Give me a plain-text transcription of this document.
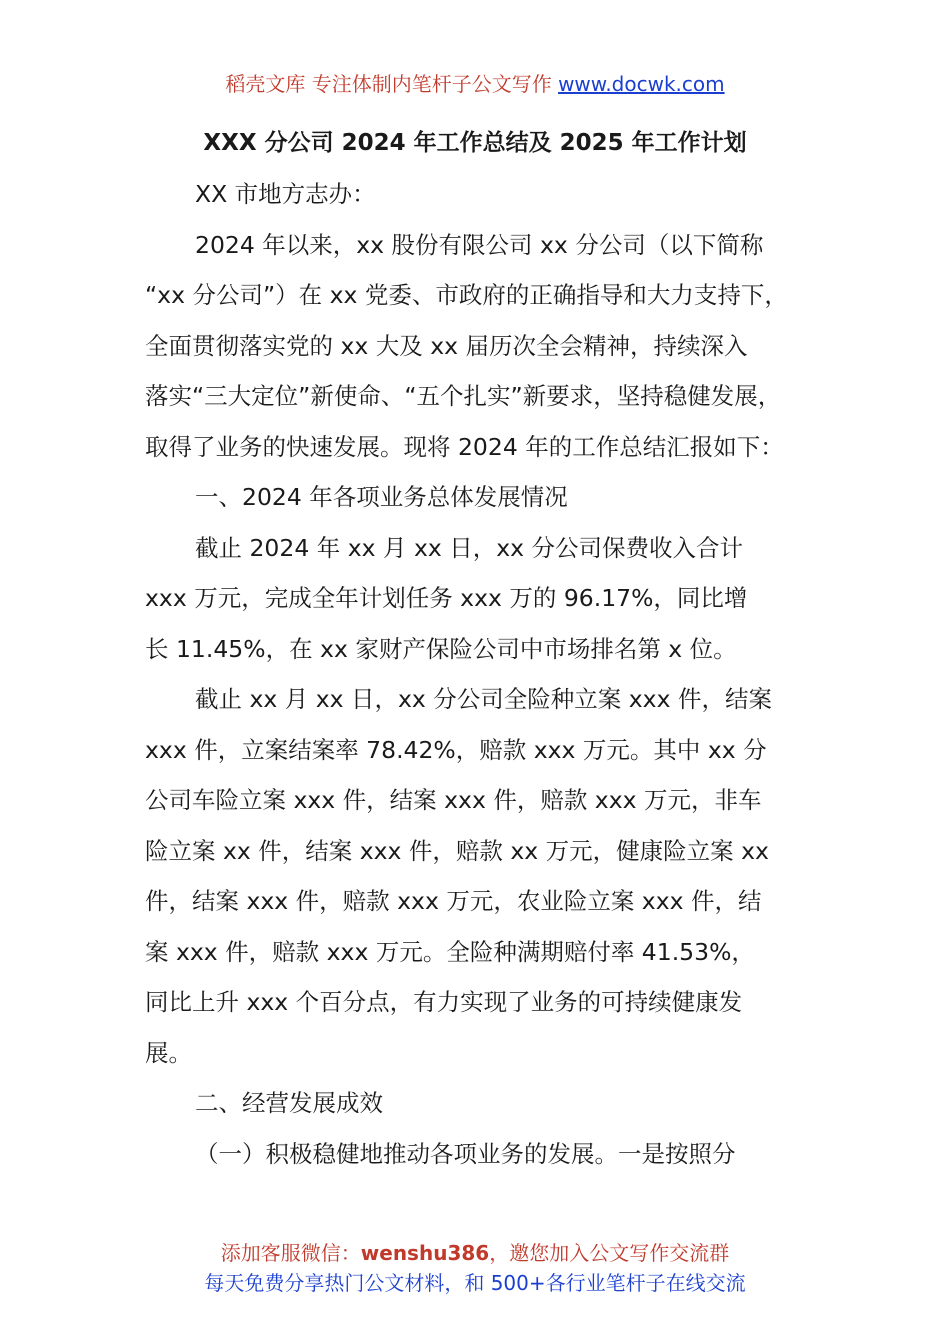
稻壳文库 专注体制内笔杆子公文写作 www.docwk.com
XXX 分公司 2024 年工作总结及 2025 年工作计划
XX 市地方志办：
2024 年以来，xx 股份有限公司 xx 分公司（以下简称
“xx 分公司”）在 xx 党委、市政府的正确指导和大力支持下，
全面贯彻落实党的 xx 大及 xx 届历次全会精神，持续深入
落实“三大定位”新使命、“五个扎实”新要求，坚持稳健发展，
取得了业务的快速发展。现将 2024 年的工作总结汇报如下：
一、2024 年各项业务总体发展情况
截止 2024 年 xx 月 xx 日，xx 分公司保费收入合计
xxx 万元，完成全年计划任务 xxx 万的 96.17%，同比增
长 11.45%，在 xx 家财产保险公司中市场排名第 x 位。
截止 xx 月 xx 日，xx 分公司全险种立案 xxx 件，结案
xxx 件，立案结案率 78.42%，赔款 xxx 万元。其中 xx 分
公司车险立案 xxx 件，结案 xxx 件，赔款 xxx 万元，非车
险立案 xx 件，结案 xxx 件，赔款 xx 万元，健康险立案 xx
件，结案 xxx 件，赔款 xxx 万元，农业险立案 xxx 件，结
案 xxx 件，赔款 xxx 万元。全险种满期赔付率 41.53%，
同比上升 xxx 个百分点，有力实现了业务的可持续健康发
展。
二、经营发展成效
（一）积极稳健地推动各项业务的发展。一是按照分
添加客服微信：wenshu386，邀您加入公文写作交流群
每天免费分享热门公文材料，和 500+各行业笔杆子在线交流
